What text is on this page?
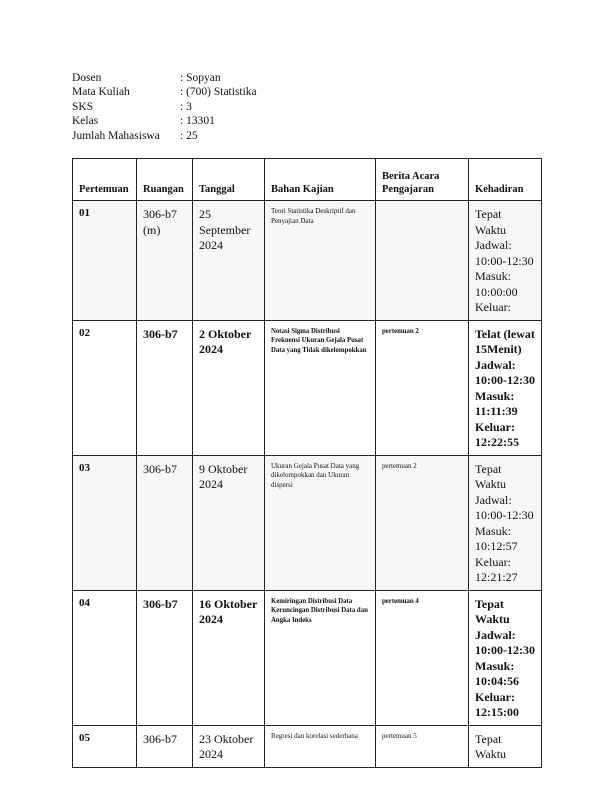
Dosen	: Sopyan
Mata Kuliah	: (700) Statistika
SKS	: 3
Kelas	: 13301
Jumlah Mahasiswa	: 25
Pertemuan	Ruangan	Tanggal	Bahan Kajian	Berita Acara Pengajaran	Kehadiran
01	306-b7 (m)	25 September 2024	Teori Statistika Deskriptif dan Penyajian Data		Tepat Waktu
Jadwal: 10:00-12:30
Masuk: 10:00:00
Keluar:

02	306-b7	2 Oktober 2024	Notasi Sigma Distribusi Frekuensi Ukuran Gejala Pusat Data yang Tidak dikelompokkan	pertemuan 2	Telat (lewat 15Menit)
Jadwal: 10:00-12:30
Masuk: 11:11:39
Keluar: 12:22:55

03	306-b7	9 Oktober 2024	Ukuran Gejala Pusat Data yang dikelompokkan dan Ukuran dispersi	pertemuan 2	Tepat Waktu
Jadwal: 10:00-12:30
Masuk: 10:12:57
Keluar: 12:21:27

04	306-b7	16 Oktober 2024	Kemiringan Distribusi Data Keruncingan Distribusi Data dan Angka Indeks	pertemuan 4	Tepat Waktu
Jadwal: 10:00-12:30
Masuk: 10:04:56
Keluar: 12:15:00

05	306-b7	23 Oktober 2024	Regresi dan korelasi sederhana	pertemuan 5	Tepat Waktu
